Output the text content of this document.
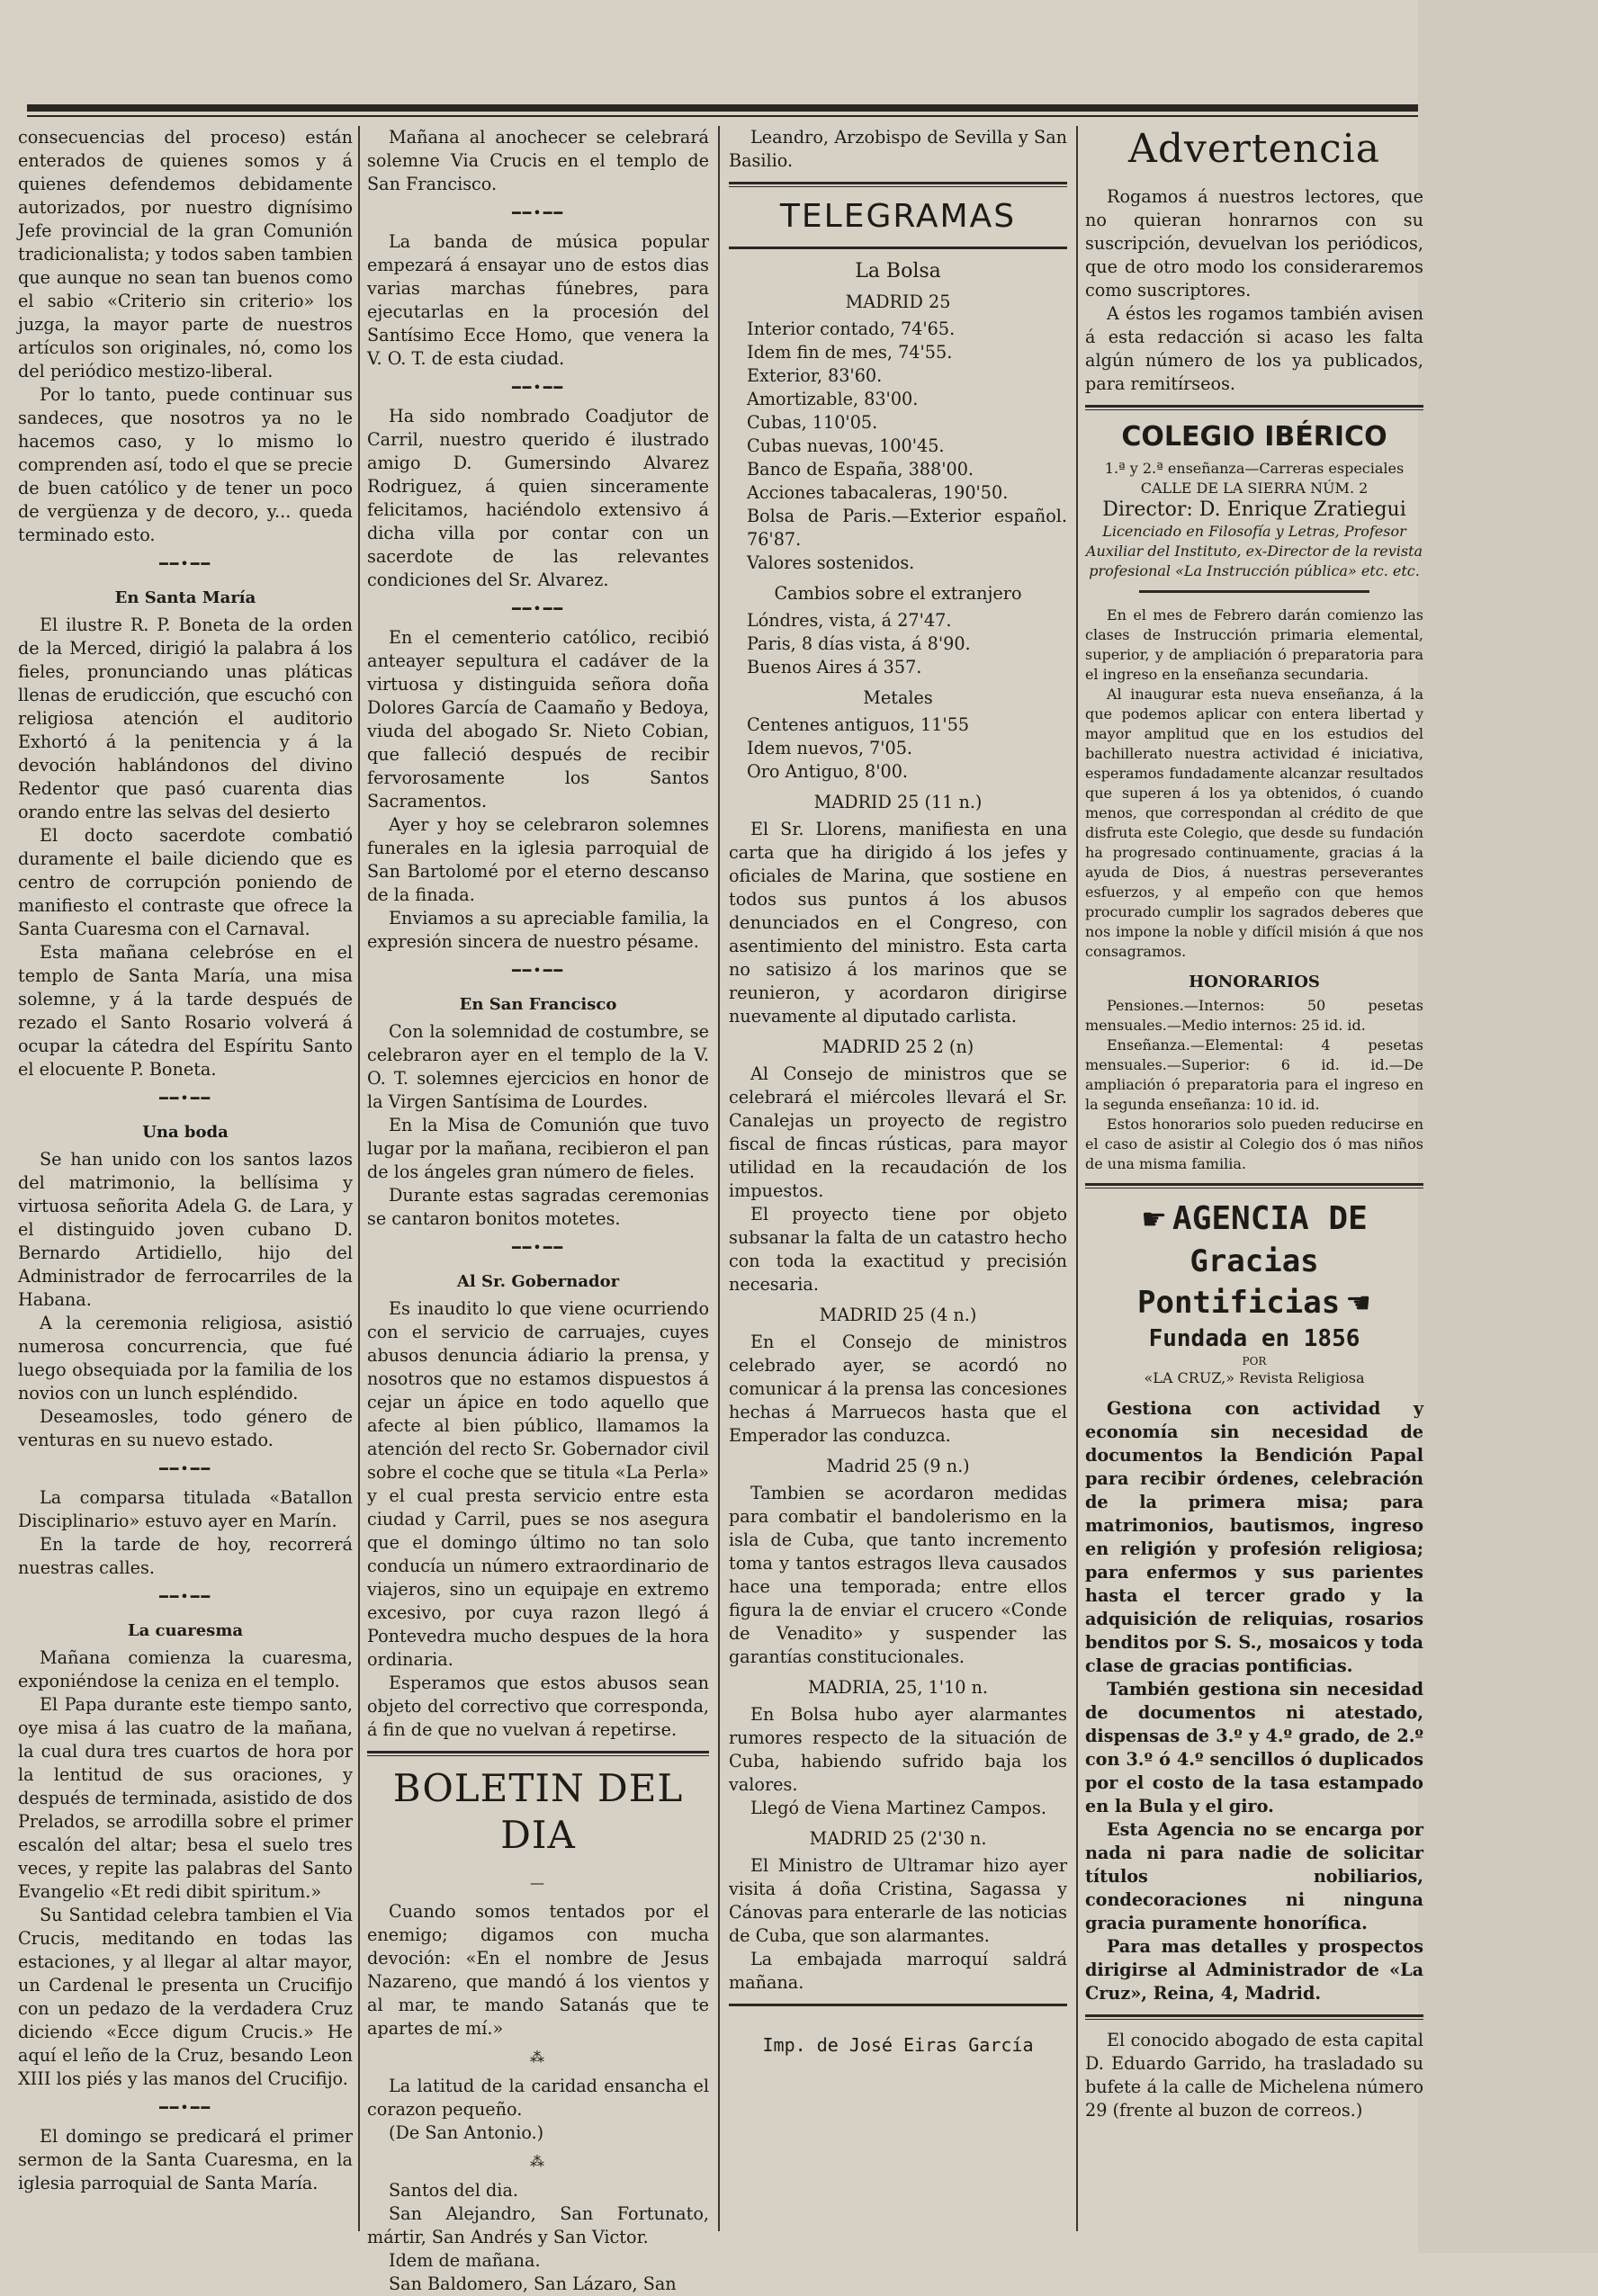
consecuencias del proceso) están enterados de quienes somos y á quienes defendemos debidamente autorizados, por nuestro dignísimo Jefe provincial de la gran Comunión tradicionalista; y todos saben tambien que aunque no sean tan buenos como el sabio «Criterio sin criterio» los juzga, la mayor parte de nuestros artículos son originales, nó, como los del periódico mestizo-liberal.

Por lo tanto, puede continuar sus sandeces, que nosotros ya no le hacemos caso, y lo mismo lo comprenden así, todo el que se precie de buen católico y de tener un poco de vergüenza y de decoro, y... queda terminado esto.

━━•━━
En Santa María

El ilustre R. P. Boneta de la orden de la Merced, dirigió la palabra á los fieles, pronunciando unas pláticas llenas de erudicción, que escuchó con religiosa atención el auditorio Exhortó á la penitencia y á la devoción hablándonos del divino Redentor que pasó cuarenta dias orando entre las selvas del desierto

El docto sacerdote combatió duramente el baile diciendo que es centro de corrupción poniendo de manifiesto el contraste que ofrece la Santa Cuaresma con el Carnaval.

Esta mañana celebróse en el templo de Santa María, una misa solemne, y á la tarde después de rezado el Santo Rosario volverá á ocupar la cátedra del Espíritu Santo el elocuente P. Boneta.

━━•━━
Una boda

Se han unido con los santos lazos del matrimonio, la bellísima y virtuosa señorita Adela G. de Lara, y el distinguido joven cubano D. Bernardo Artidiello, hijo del Administrador de ferrocarriles de la Habana.

A la ceremonia religiosa, asistió numerosa concurrencia, que fué luego obsequiada por la familia de los novios con un lunch espléndido.

Deseamosles, todo género de venturas en su nuevo estado.

━━•━━

La comparsa titulada «Batallon Disciplinario» estuvo ayer en Marín.

En la tarde de hoy, recorrerá nuestras calles.

━━•━━
La cuaresma

Mañana comienza la cuaresma, exponiéndose la ceniza en el templo.

El Papa durante este tiempo santo, oye misa á las cuatro de la mañana, la cual dura tres cuartos de hora por la lentitud de sus oraciones, y después de terminada, asistido de dos Prelados, se arrodilla sobre el primer escalón del altar; besa el suelo tres veces, y repite las palabras del Santo Evangelio «Et redi dibit spiritum.»

Su Santidad celebra tambien el Via Crucis, meditando en todas las estaciones, y al llegar al altar mayor, un Cardenal le presenta un Crucifijo con un pedazo de la verdadera Cruz diciendo «Ecce digum Crucis.» He aquí el leño de la Cruz, besando Leon XIII los piés y las manos del Crucifijo.

━━•━━

El domingo se predicará el primer sermon de la Santa Cuaresma, en la iglesia parroquial de Santa María.

Mañana al anochecer se celebrará solemne Via Crucis en el templo de San Francisco.

━━•━━

La banda de música popular empezará á ensayar uno de estos dias varias marchas fúnebres, para ejecutarlas en la procesión del Santísimo Ecce Homo, que venera la V. O. T. de esta ciudad.

━━•━━

Ha sido nombrado Coadjutor de Carril, nuestro querido é ilustrado amigo D. Gumersindo Alvarez Rodriguez, á quien sinceramente felicitamos, haciéndolo extensivo á dicha villa por contar con un sacerdote de las relevantes condiciones del Sr. Alvarez.

━━•━━

En el cementerio católico, recibió anteayer sepultura el cadáver de la virtuosa y distinguida señora doña Dolores García de Caamaño y Bedoya, viuda del abogado Sr. Nieto Cobian, que falleció después de recibir fervorosamente los Santos Sacramentos.

Ayer y hoy se celebraron solemnes funerales en la iglesia parroquial de San Bartolomé por el eterno descanso de la finada.

Enviamos a su apreciable familia, la expresión sincera de nuestro pésame.

━━•━━
En San Francisco

Con la solemnidad de costumbre, se celebraron ayer en el templo de la V. O. T. solemnes ejercicios en honor de la Virgen Santísima de Lourdes.

En la Misa de Comunión que tuvo lugar por la mañana, recibieron el pan de los ángeles gran número de fieles.

Durante estas sagradas ceremonias se cantaron bonitos motetes.

━━•━━
Al Sr. Gobernador

Es inaudito lo que viene ocurriendo con el servicio de carruajes, cuyes abusos denuncia ádiario la prensa, y nosotros que no estamos dispuestos á cejar un ápice en todo aquello que afecte al bien público, llamamos la atención del recto Sr. Gobernador civil sobre el coche que se titula «La Perla» y el cual presta servicio entre esta ciudad y Carril, pues se nos asegura que el domingo último no tan solo conducía un número extraordinario de viajeros, sino un equipaje en extremo excesivo, por cuya razon llegó á Pontevedra mucho despues de la hora ordinaria.

Esperamos que estos abusos sean objeto del correctivo que corresponda, á fin de que no vuelvan á repetirse.

BOLETIN DEL DIA
—

Cuando somos tentados por el enemigo; digamos con mucha devoción: «En el nombre de Jesus Nazareno, que mandó á los vientos y al mar, te mando Satanás que te apartes de mí.»

⁂

La latitud de la caridad ensancha el corazon pequeño.

(De San Antonio.)

⁂

Santos del dia.

San Alejandro, San Fortunato, mártir, San Andrés y San Victor.

Idem de mañana.

San Baldomero, San Lázaro, San

Leandro, Arzobispo de Sevilla y San Basilio.

TELEGRAMAS
La Bolsa
MADRID 25

Interior contado, 74'65.

Idem fin de mes, 74'55.

Exterior, 83'60.

Amortizable, 83'00.

Cubas, 110'05.

Cubas nuevas, 100'45.

Banco de España, 388'00.

Acciones tabacaleras, 190'50.

Bolsa de Paris.—Exterior español. 76'87.

Valores sostenidos.

Cambios sobre el extranjero

Lóndres, vista, á 27'47.

Paris, 8 días vista, á 8'90.

Buenos Aires á 357.

Metales

Centenes antiguos, 11'55

Idem nuevos, 7'05.

Oro Antiguo, 8'00.

MADRID 25 (11 n.)

El Sr. Llorens, manifiesta en una carta que ha dirigido á los jefes y oficiales de Marina, que sostiene en todos sus puntos á los abusos denunciados en el Congreso, con asentimiento del ministro. Esta carta no satisizo á los marinos que se reunieron, y acordaron dirigirse nuevamente al diputado carlista.

MADRID 25 2 (n)

Al Consejo de ministros que se celebrará el miércoles llevará el Sr. Canalejas un proyecto de registro fiscal de fincas rústicas, para mayor utilidad en la recaudación de los impuestos.

El proyecto tiene por objeto subsanar la falta de un catastro hecho con toda la exactitud y precisión necesaria.

MADRID 25 (4 n.)

En el Consejo de ministros celebrado ayer, se acordó no comunicar á la prensa las concesiones hechas á Marruecos hasta que el Emperador las conduzca.

Madrid 25 (9 n.)

Tambien se acordaron medidas para combatir el bandolerismo en la isla de Cuba, que tanto incremento toma y tantos estragos lleva causados hace una temporada; entre ellos figura la de enviar el crucero «Conde de Venadito» y suspender las garantías constitucionales.

MADRIA, 25, 1'10 n.

En Bolsa hubo ayer alarmantes rumores respecto de la situación de Cuba, habiendo sufrido baja los valores.

Llegó de Viena Martinez Campos.

MADRID 25 (2'30 n.

El Ministro de Ultramar hizo ayer visita á doña Cristina, Sagassa y Cánovas para enterarle de las noticias de Cuba, que son alarmantes.

La embajada marroquí saldrá mañana.

Imp. de José Eiras García
Advertencia

Rogamos á nuestros lectores, que no quieran honrarnos con su suscripción, devuelvan los periódicos, que de otro modo los consideraremos como suscriptores.

A éstos les rogamos también avisen á esta redacción si acaso les falta algún número de los ya publicados, para remitírseos.

COLEGIO IBÉRICO
1.ª y 2.ª enseñanza—Carreras especiales
CALLE DE LA SIERRA NÚM. 2
Director: D. Enrique Zratiegui
Licenciado en Filosofía y Letras, Profesor Auxiliar del Instituto, ex-Director de la revista profesional «La Instrucción pública» etc. etc.

En el mes de Febrero darán comienzo las clases de Instrucción primaria elemental, superior, y de ampliación ó preparatoria para el ingreso en la enseñanza secundaria.

Al inaugurar esta nueva enseñanza, á la que podemos aplicar con entera libertad y mayor amplitud que en los estudios del bachillerato nuestra actividad é iniciativa, esperamos fundadamente alcanzar resultados que superen á los ya obtenidos, ó cuando menos, que correspondan al crédito de que disfruta este Colegio, que desde su fundación ha progresado continuamente, gracias á la ayuda de Dios, á nuestras perseverantes esfuerzos, y al empeño con que hemos procurado cumplir los sagrados deberes que nos impone la noble y difícil misión á que nos consagramos.

HONORARIOS

Pensiones.—Internos: 50 pesetas mensuales.—Medio internos: 25 id. id.

Enseñanza.—Elemental: 4 pesetas mensuales.—Superior: 6 id. id.—De ampliación ó preparatoria para el ingreso en la segunda enseñanza: 10 id. id.

Estos honorarios solo pueden reducirse en el caso de asistir al Colegio dos ó mas niños de una misma familia.

☛ AGENCIA DE
Gracias Pontificias ☚
Fundada en 1856
POR
«LA CRUZ,» Revista Religiosa

Gestiona con actividad y economía sin necesidad de documentos la Bendición Papal para recibir órdenes, celebración de la primera misa; para matrimonios, bautismos, ingreso en religión y profesión religiosa; para enfermos y sus parientes hasta el tercer grado y la adquisición de reliquias, rosarios benditos por S. S., mosaicos y toda clase de gracias pontificias.

También gestiona sin necesidad de documentos ni atestado, dispensas de 3.º y 4.º grado, de 2.º con 3.º ó 4.º sencillos ó duplicados por el costo de la tasa estampado en la Bula y el giro.

Esta Agencia no se encarga por nada ni para nadie de solicitar títulos nobiliarios, condecoraciones ni ninguna gracia puramente honorífica.

Para mas detalles y prospectos dirigirse al Administrador de «La Cruz», Reina, 4, Madrid.

El conocido abogado de esta capital D. Eduardo Garrido, ha trasladado su bufete á la calle de Michelena número 29 (frente al buzon de correos.)
